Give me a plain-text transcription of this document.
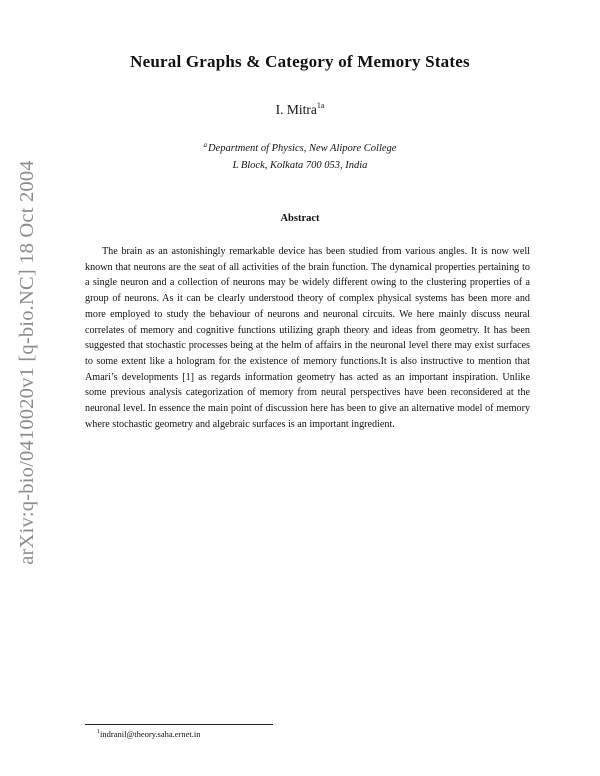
arXiv:q-bio/0410020v1 [q-bio.NC] 18 Oct 2004
Neural Graphs & Category of Memory States
I. Mitra$^{1a}$
$^a$Department of Physics, New Alipore College
L Block, Kolkata 700 053, India
Abstract

The brain as an astonishingly remarkable device has been studied from various angles. It is now well known that neurons are the seat of all activities of the brain function. The dynamical properties pertaining to a single neuron and a collection of neurons may be widely different owing to the clustering properties of a group of neurons. As it can be clearly understood theory of complex physical systems has been more and more employed to study the behaviour of neurons and neuronal circuits. We here mainly discuss neural correlates of memory and cognitive functions utilizing graph theory and ideas from geometry. It has been suggested that stochastic processes being at the helm of affairs in the neuronal level there may exist surfaces to some extent like a hologram for the existence of memory functions.It is also instructive to mention that Amari’s developments [1] as regards information geometry has acted as an important inspiration. Unlike some previous analysis categorization of memory from neural perspectives have been reconsidered at the neuronal level. In essence the main point of discussion here has been to give an alternative model of memory where stochastic geometry and algebraic surfaces is an important ingredient.

$^1$indranil@theory.saha.ernet.in
